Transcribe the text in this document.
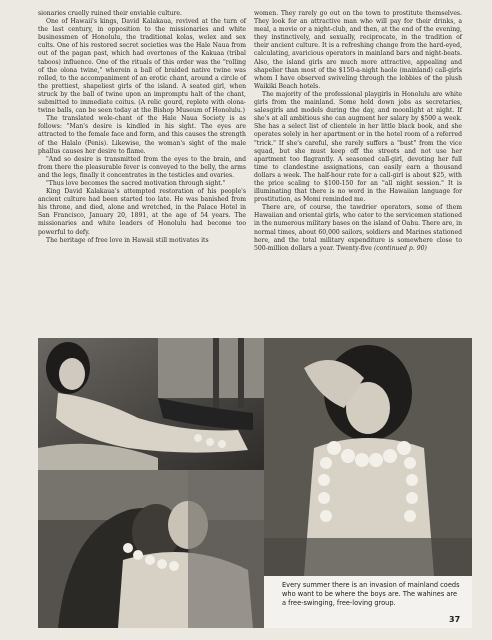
sionaries cruelly ruined their enviable culture.

One of Hawaii's kings, David Kalakaua, revived at the turn of the last century, in opposition to the missionaries and white businessmen of Honolulu, the traditional kolas, welex and sex cults. One of his restored secret societies was the Hale Naua from out of the pagan past, which had overtones of the Kakuaa (tribal taboos) influence. One of the rituals of this order was the "rolling of the olona twine," wherein a ball of braided native twine was rolled, to the accompaniment of an erotic chant, around a circle of the prettiest, shapeliest girls of the island. A seated girl, when struck by the ball of twine upon an impromptu halt of the chant, submitted to immediate coitus. (A relic gourd, replete with olona-twine balls, can be seen today at the Bishop Museum of Honolulu.)

The translated wele-chant of the Hale Naua Society is as follows: "Man's desire is kindled in his sight. The eyes are attracted to the female face and form, and this causes the strength of the Halalo (Penis). Likewise, the woman's sight of the male phallus causes her desire to flame.

"And so desire is transmitted from the eyes to the brain, and from there the pleasurable fever is conveyed to the belly, the arms and the legs, finally it concentrates in the testicles and ovaries.

"Thus love becomes the sacred motivation through sight."

King David Kalakaua's attempted restoration of his people's ancient culture had been started too late. He was banished from his throne, and died, alone and wretched, in the Palace Hotel in San Francisco, January 20, 1891, at the age of 54 years. The missionaries and white leaders of Honolulu had become too powerful to defy.

The heritage of free love in Hawaii still motivates its

women. They rarely go out on the town to prostitute themselves. They look for an attractive man who will pay for their drinks, a meal, a movie or a night-club, and then, at the end of the evening, they instinctively, and sexually, reciprocate, in the tradition of their ancient culture. It is a refreshing change from the hard-eyed, calculating, avaricious operators in mainland bars and night-beats. Also, the island girls are much more attractive, appealing and shapelier than most of the $150-a-night haole (mainland) call-girls whom I have observed swiveling through the lobbies of the plush Waikiki Beach hotels.

The majority of the professional playgirls in Honolulu are white girls from the mainland. Some hold down jobs as secretaries, salesgirls and models during the day, and moonlight at night. If she's at all ambitious she can augment her salary by $500 a week. She has a select list of clientele in her little black book, and she operates solely in her apartment or in the hotel room of a referred "trick." If she's careful, she rarely suffers a "bust" from the vice squad, but she must keep off the streets and not use her apartment too flagrantly. A seasoned call-girl, devoting her full time to clandestine assignations, can easily earn a thousand dollars a week. The half-hour rate for a call-girl is about $25, with the price scaling to $100-150 for an "all night session." It is illuminating that there is no word in the Hawaiian language for prostitution, as Momi reminded me.

There are, of course, the tawdrier operators, some of them Hawaiian and oriental girls, who cater to the servicemen stationed in the numerous military bases on the island of Oahu. There are, in normal times, about 60,000 sailors, soldiers and Marines stationed here, and the total military expenditure is somewhere close to 500-million dollars a year. Twenty-five (continued p. 90)

Every summer there is an invasion of mainland coeds who want to be where the boys are. The wahines are a free-swinging, free-loving group.
37
